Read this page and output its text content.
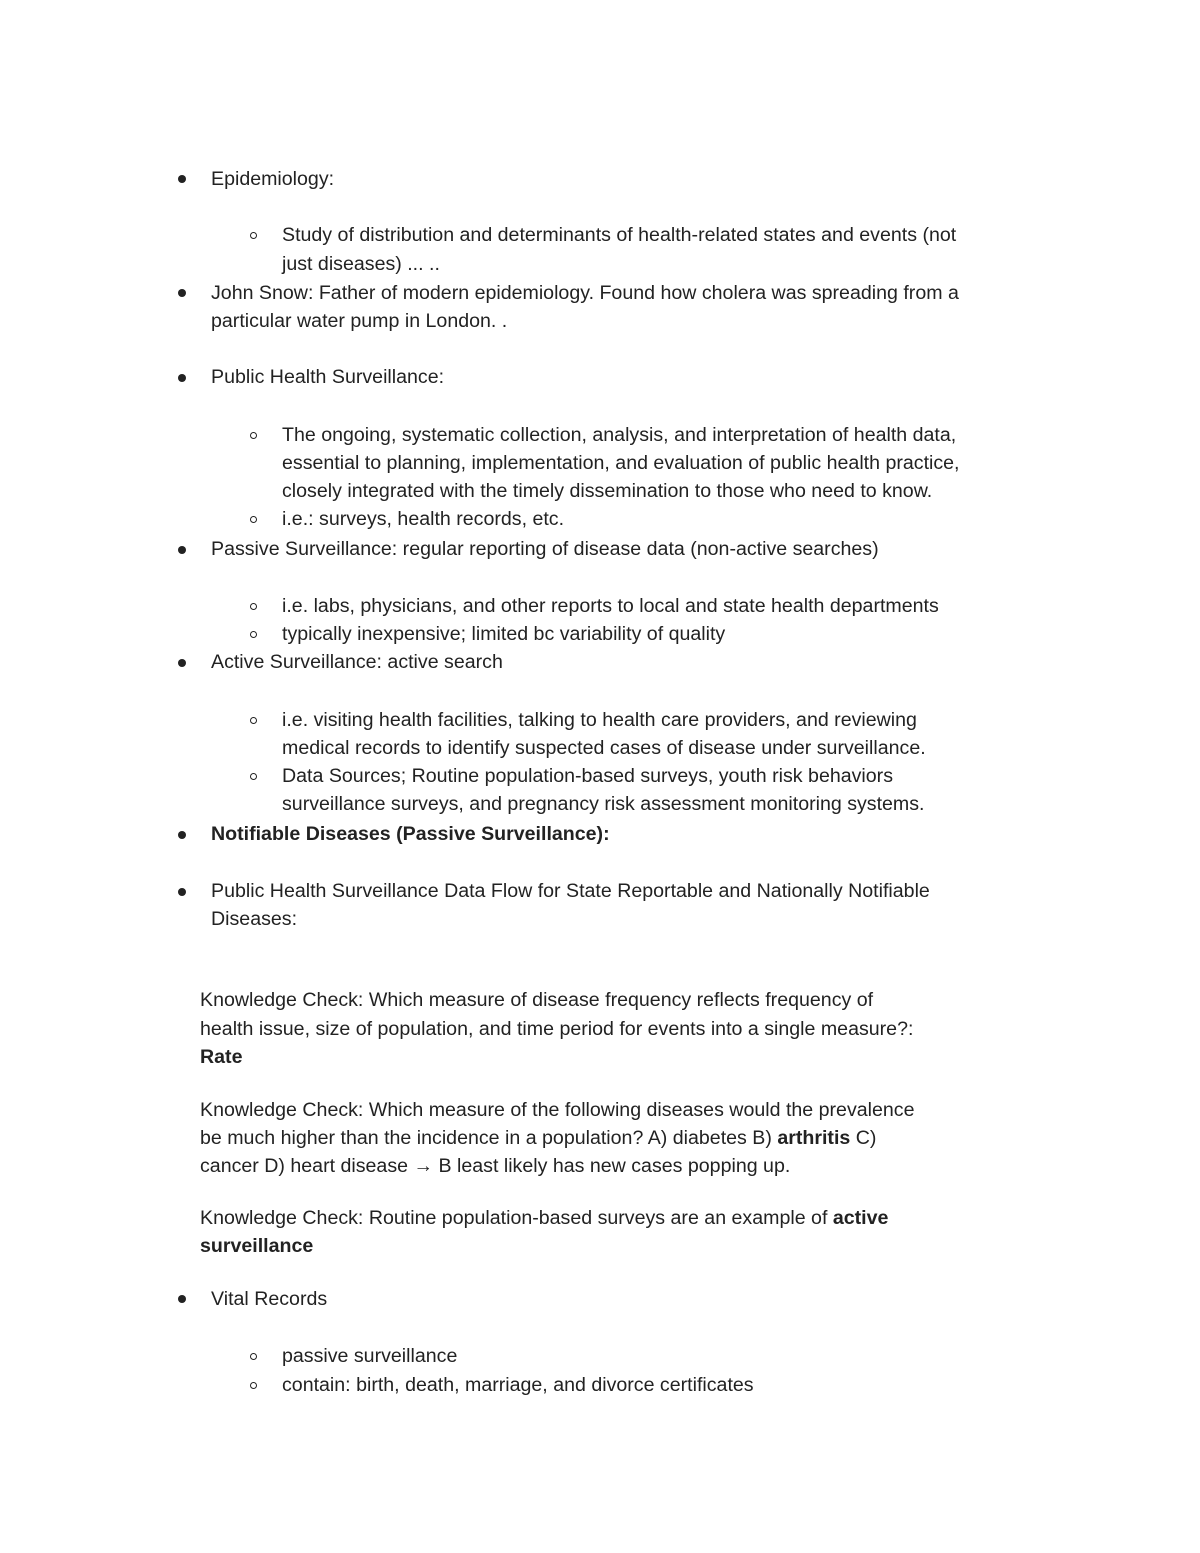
Epidemiology:
Study of distribution and determinants of health-related states and events (not
just diseases) ... ..
John Snow: Father of modern epidemiology. Found how cholera was spreading from a
particular water pump in London. .
Public Health Surveillance:
The ongoing, systematic collection, analysis, and interpretation of health data,
essential to planning, implementation, and evaluation of public health practice,
closely integrated with the timely dissemination to those who need to know.
i.e.: surveys, health records, etc.
Passive Surveillance: regular reporting of disease data (non-active searches)
i.e. labs, physicians, and other reports to local and state health departments
typically inexpensive; limited bc variability of quality
Active Surveillance: active search
i.e. visiting health facilities, talking to health care providers, and reviewing
medical records to identify suspected cases of disease under surveillance.
Data Sources; Routine population-based surveys, youth risk behaviors
surveillance surveys, and pregnancy risk assessment monitoring systems.
Notifiable Diseases (Passive Surveillance):
Public Health Surveillance Data Flow for State Reportable and Nationally Notifiable
Diseases:
Knowledge Check: Which measure of disease frequency reflects frequency of
health issue, size of population, and time period for events into a single measure?:
Rate
Knowledge Check: Which measure of the following diseases would the prevalence
be much higher than the incidence in a population? A) diabetes B) arthritis C)
cancer D) heart disease → B least likely has new cases popping up.
Knowledge Check: Routine population-based surveys are an example of active
surveillance
Vital Records
passive surveillance
contain: birth, death, marriage, and divorce certificates
